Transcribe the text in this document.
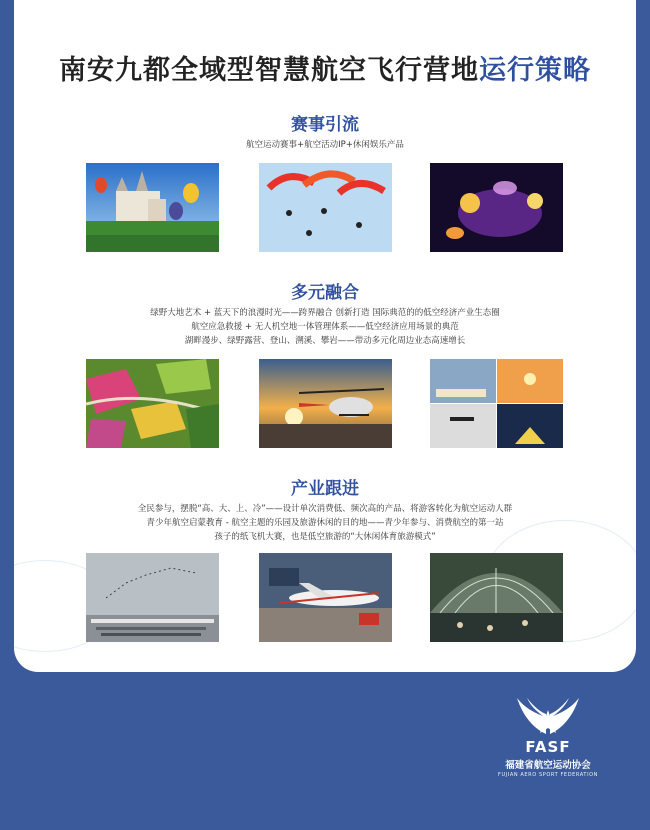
南安九都全域型智慧航空飞行营地运行策略
赛事引流
航空运动赛事+航空活动IP+休闲娱乐产品
多元融合
绿野大地艺术 + 蓝天下的浪漫时光——跨界融合 创新打造 国际典范的的低空经济产业生态圈
航空应急救援 + 无人机空地一体管理体系——低空经济应用场景的典范
湖畔漫步、绿野露营、登山、溯溪、攀岩——带动多元化周边业态高速增长
产业跟进
全民参与，摆脱“高、大、上、冷”——设计单次消费低、频次高的产品、将游客转化为航空运动人群
青少年航空启蒙教育 - 航空主题的乐园及旅游休闲的目的地——青少年参与、消费航空的第一站
孩子的纸飞机大赛，也是低空旅游的“大休闲体育旅游模式”
FASF
福建省航空运动协会
FUJIAN AERO SPORT FEDERATION
